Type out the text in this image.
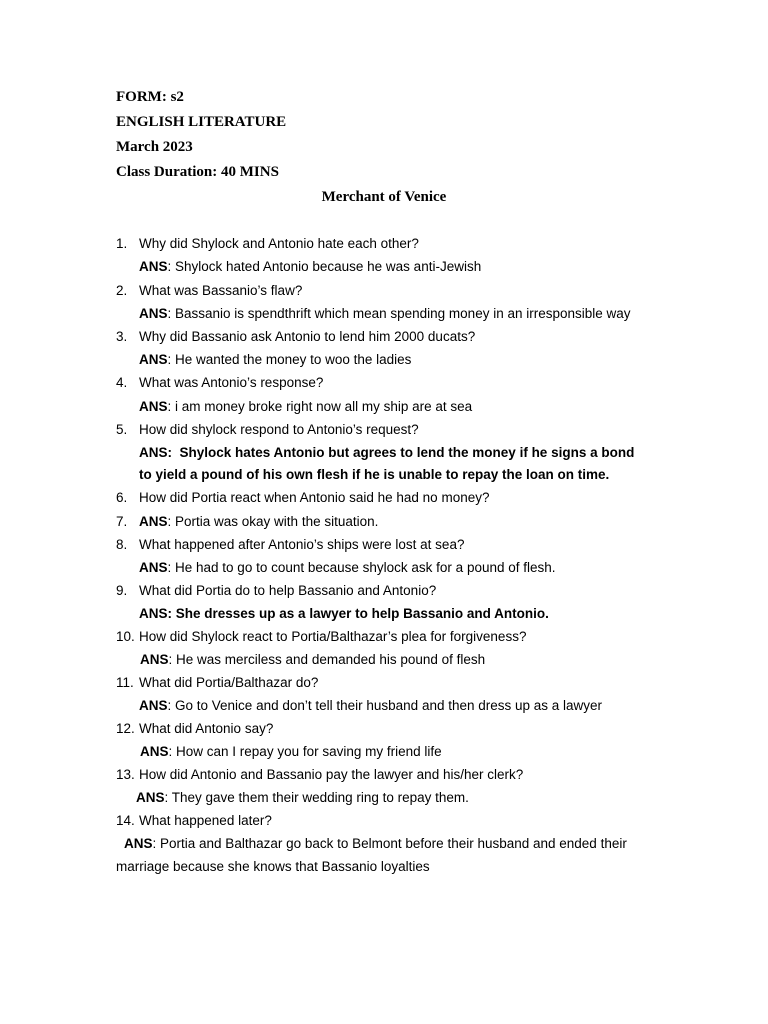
FORM: s2
ENGLISH LITERATURE
March 2023
Class Duration: 40 MINS
Merchant of Venice
1. Why did Shylock and Antonio hate each other?
ANS: Shylock hated Antonio because he was anti-Jewish
2. What was Bassanio’s flaw?
ANS: Bassanio is spendthrift which mean spending money in an irresponsible way
3. Why did Bassanio ask Antonio to lend him 2000 ducats?
ANS: He wanted the money to woo the ladies
4. What was Antonio’s response?
ANS: i am money broke right now all my ship are at sea
5. How did shylock respond to Antonio’s request?
ANS: Shylock hates Antonio but agrees to lend the money if he signs a bond
to yield a pound of his own flesh if he is unable to repay the loan on time.
6. How did Portia react when Antonio said he had no money?
7. ANS: Portia was okay with the situation.
8. What happened after Antonio’s ships were lost at sea?
ANS: He had to go to count because shylock ask for a pound of flesh.
9. What did Portia do to help Bassanio and Antonio?
ANS: She dresses up as a lawyer to help Bassanio and Antonio.
10. How did Shylock react to Portia/Balthazar’s plea for forgiveness?
ANS: He was merciless and demanded his pound of flesh
11. What did Portia/Balthazar do?
ANS: Go to Venice and don’t tell their husband and then dress up as a lawyer
12. What did Antonio say?
ANS: How can I repay you for saving my friend life
13. How did Antonio and Bassanio pay the lawyer and his/her clerk?
ANS: They gave them their wedding ring to repay them.
14. What happened later?
ANS: Portia and Balthazar go back to Belmont before their husband and ended their
marriage because she knows that Bassanio loyalties
